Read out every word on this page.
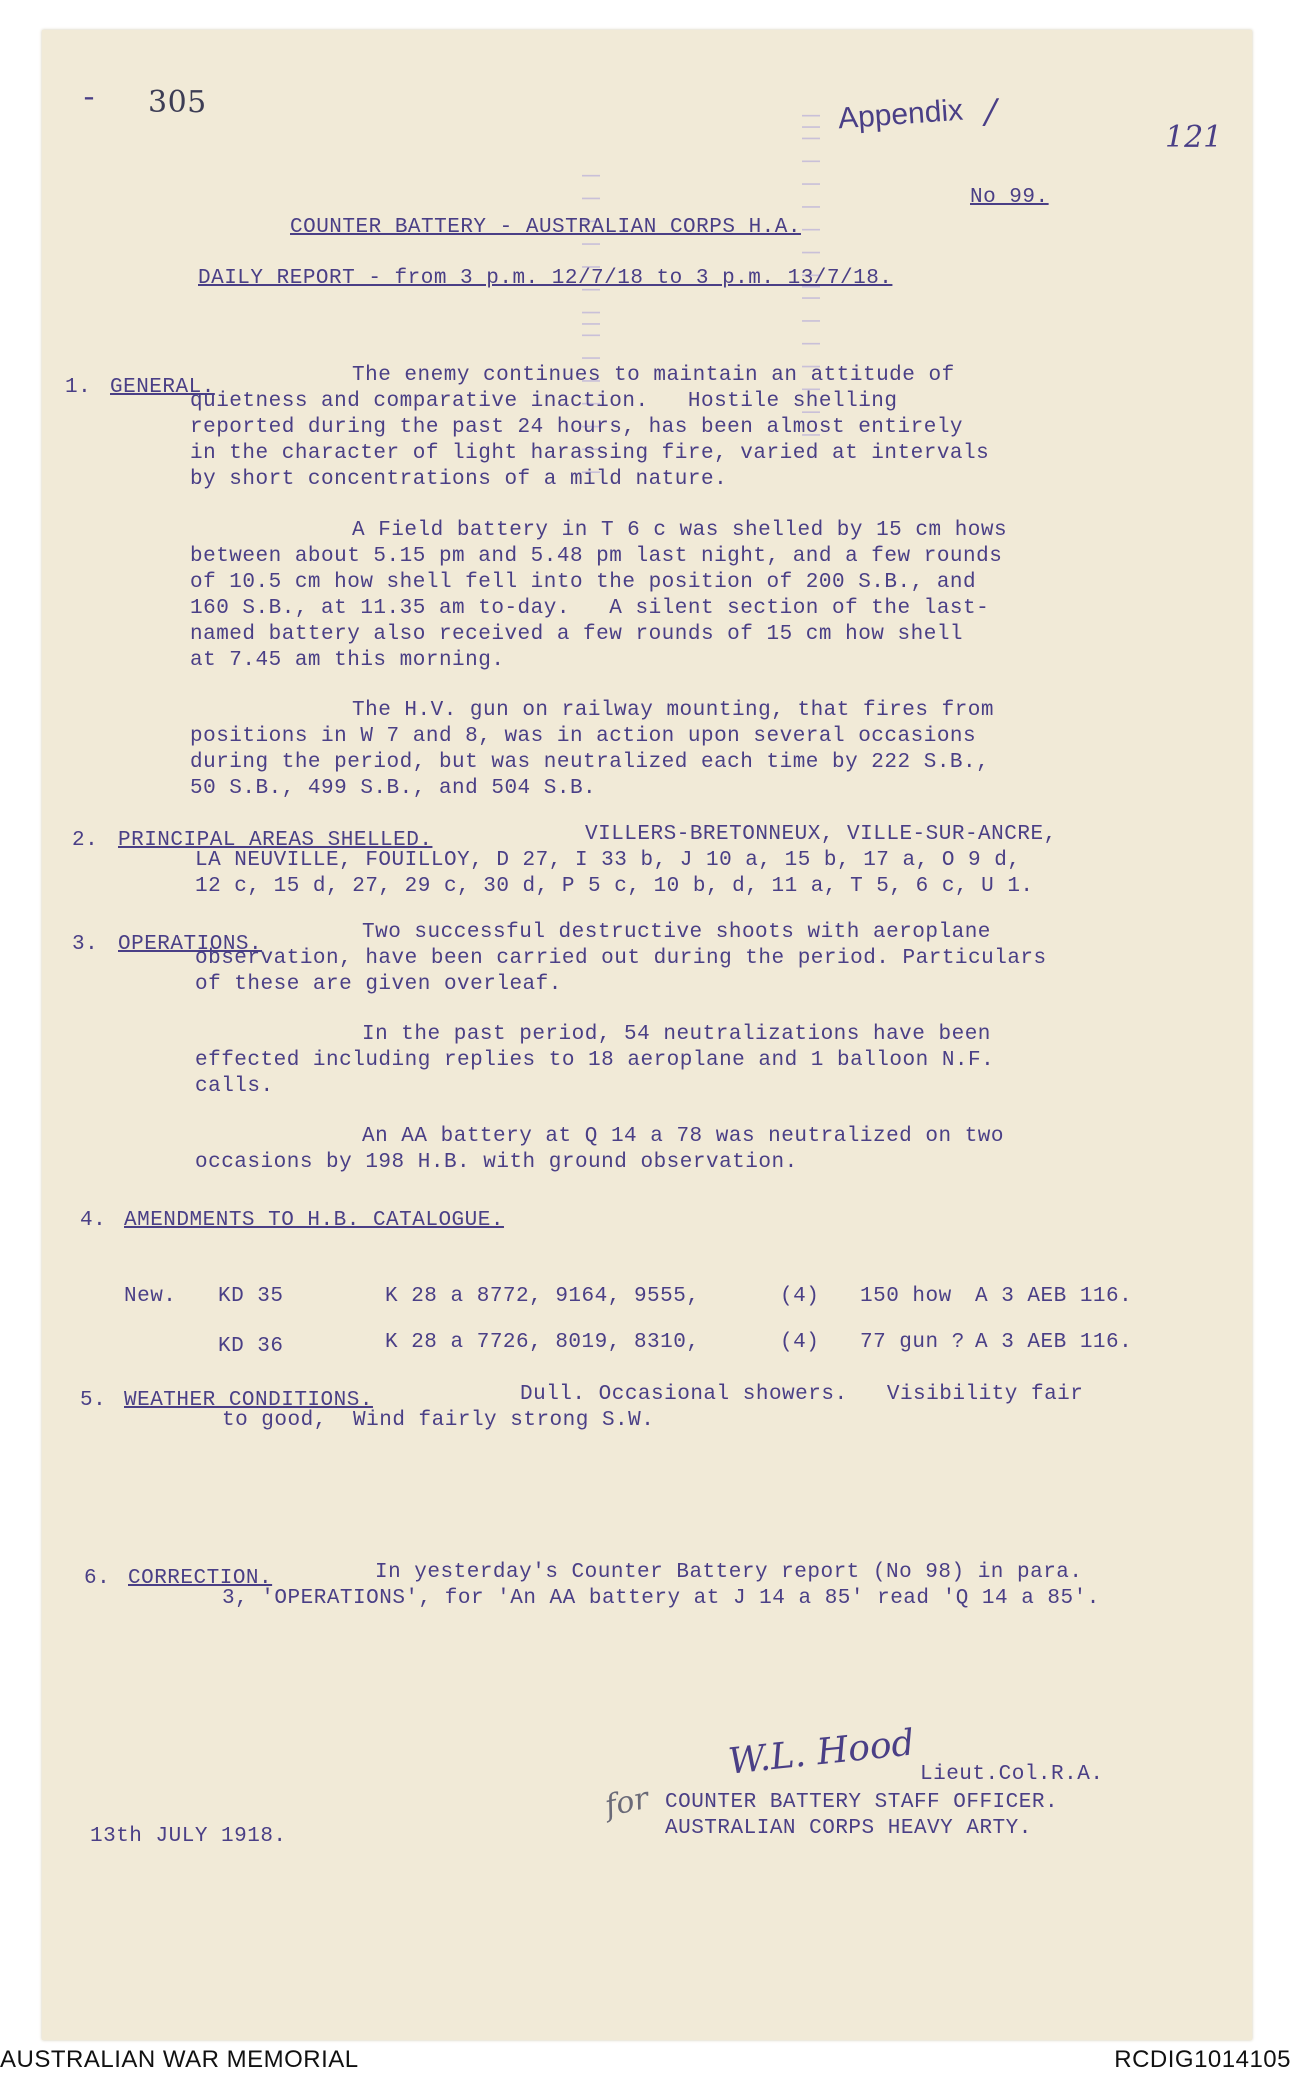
||| | | | | | ||| | | | | | |
| | | | | | ||| | | | | | |
- 305	Appendix /
121
No 99.
COUNTER BATTERY - AUSTRALIAN CORPS H.A.
DAILY REPORT - from 3 p.m. 12/7/18 to 3 p.m. 13/7/18.
1. GENERAL.
The enemy continues to maintain an attitude of
quietness and comparative inaction.   Hostile shelling
reported during the past 24 hours, has been almost entirely
in the character of light harassing fire, varied at intervals
by short concentrations of a mild nature.
A Field battery in T 6 c was shelled by 15 cm hows
between about 5.15 pm and 5.48 pm last night, and a few rounds
of 10.5 cm how shell fell into the position of 200 S.B., and
160 S.B., at 11.35 am to-day.   A silent section of the last-
named battery also received a few rounds of 15 cm how shell
at 7.45 am this morning.
The H.V. gun on railway mounting, that fires from
positions in W 7 and 8, was in action upon several occasions
during the period, but was neutralized each time by 222 S.B.,
50 S.B., 499 S.B., and 504 S.B.
2. PRINCIPAL AREAS SHELLED.	VILLERS-BRETONNEUX, VILLE-SUR-ANCRE,
LA NEUVILLE, FOUILLOY, D 27, I 33 b, J 10 a, 15 b, 17 a, O 9 d,
12 c, 15 d, 27, 29 c, 30 d, P 5 c, 10 b, d, 11 a, T 5, 6 c, U 1.
3. OPERATIONS.
Two successful destructive shoots with aeroplane
observation, have been carried out during the period. Particulars
of these are given overleaf.
In the past period, 54 neutralizations have been
effected including replies to 18 aeroplane and 1 balloon N.F.
calls.
An AA battery at Q 14 a 78 was neutralized on two
occasions by 198 H.B. with ground observation.
4. AMENDMENTS TO H.B. CATALOGUE.
New. KD 35	K 28 a 8772, 9164, 9555,	(4) 150 how A 3 AEB 116.
KD 36	K 28 a 7726, 8019, 8310,	(4) 77 gun ? A 3 AEB 116.
5. WEATHER CONDITIONS.	Dull. Occasional showers.   Visibility fair
to good,  Wind fairly strong S.W.
6. CORRECTION.	In yesterday's Counter Battery report (No 98) in para.
3, 'OPERATIONS', for 'An AA battery at J 14 a 85' read 'Q 14 a 85'.
W.L. Hood Lieut.Col.R.A.
for COUNTER BATTERY STAFF OFFICER.
AUSTRALIAN CORPS HEAVY ARTY.
13th JULY 1918.
AUSTRALIAN WAR MEMORIAL	RCDIG1014105
